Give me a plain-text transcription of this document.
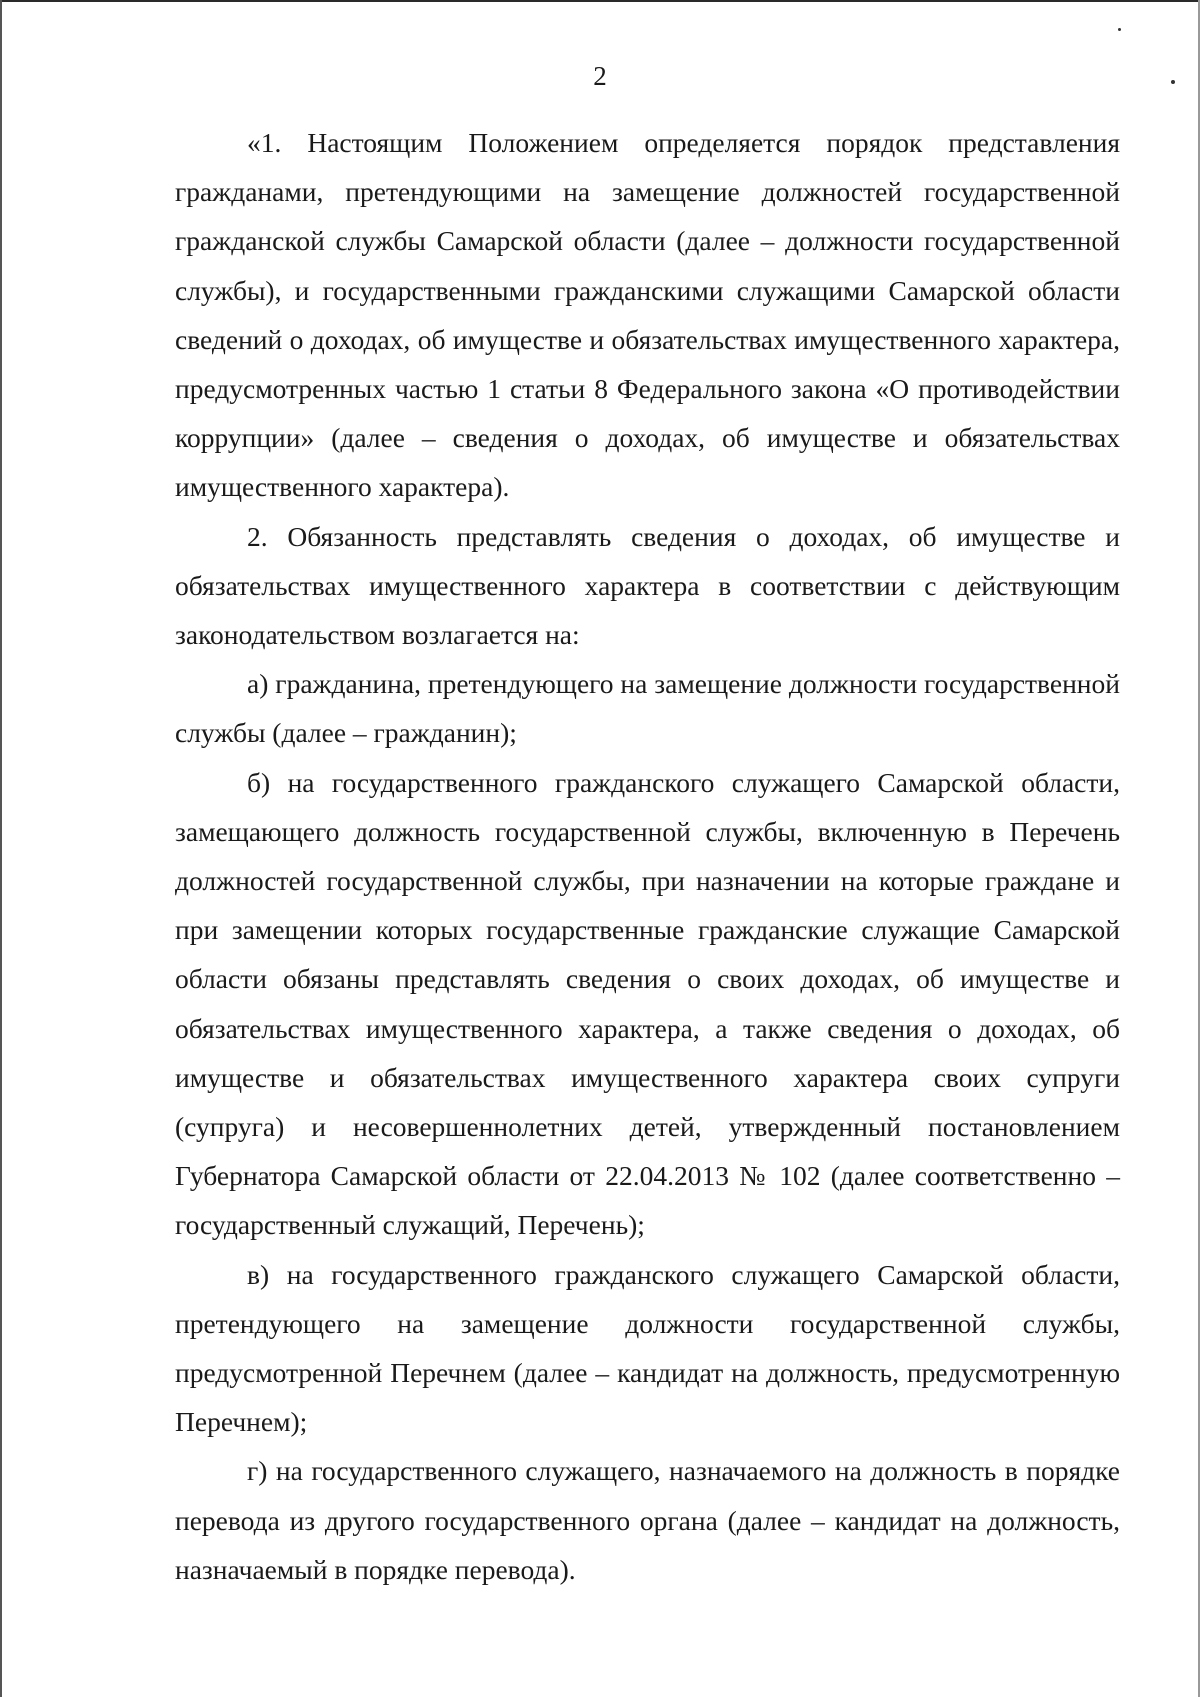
2

«1. Настоящим Положением определяется порядок представления гражданами, претендующими на замещение должностей государственной гражданской службы Самарской области (далее – должности государственной службы), и государственными гражданскими служащими Самарской области сведений о доходах, об имуществе и обязательствах имущественного характера, предусмотренных частью 1 статьи 8 Федерального закона «О противодействии коррупции» (далее – сведения о доходах, об имуществе и обязательствах имущественного характера).

2. Обязанность представлять сведения о доходах, об имуществе и обязательствах имущественного характера в соответствии с действующим законодательством возлагается на:

а) гражданина, претендующего на замещение должности государственной службы (далее – гражданин);

б) на государственного гражданского служащего Самарской области, замещающего должность государственной службы, включенную в Перечень должностей государственной службы, при назначении на которые граждане и при замещении которых государственные гражданские служащие Самарской области обязаны представлять сведения о своих доходах, об имуществе и обязательствах имущественного характера, а также сведения о доходах, об имуществе и обязательствах имущественного характера своих супруги (супруга) и несовершеннолетних детей, утвержденный постановлением Губернатора Самарской области от 22.04.2013 № 102 (далее соответственно – государственный служащий, Перечень);

в) на государственного гражданского служащего Самарской области, претендующего на замещение должности государственной службы, предусмотренной Перечнем (далее – кандидат на должность, предусмотренную Перечнем);

г) на государственного служащего, назначаемого на должность в порядке перевода из другого государственного органа (далее – кандидат на должность, назначаемый в порядке перевода).
